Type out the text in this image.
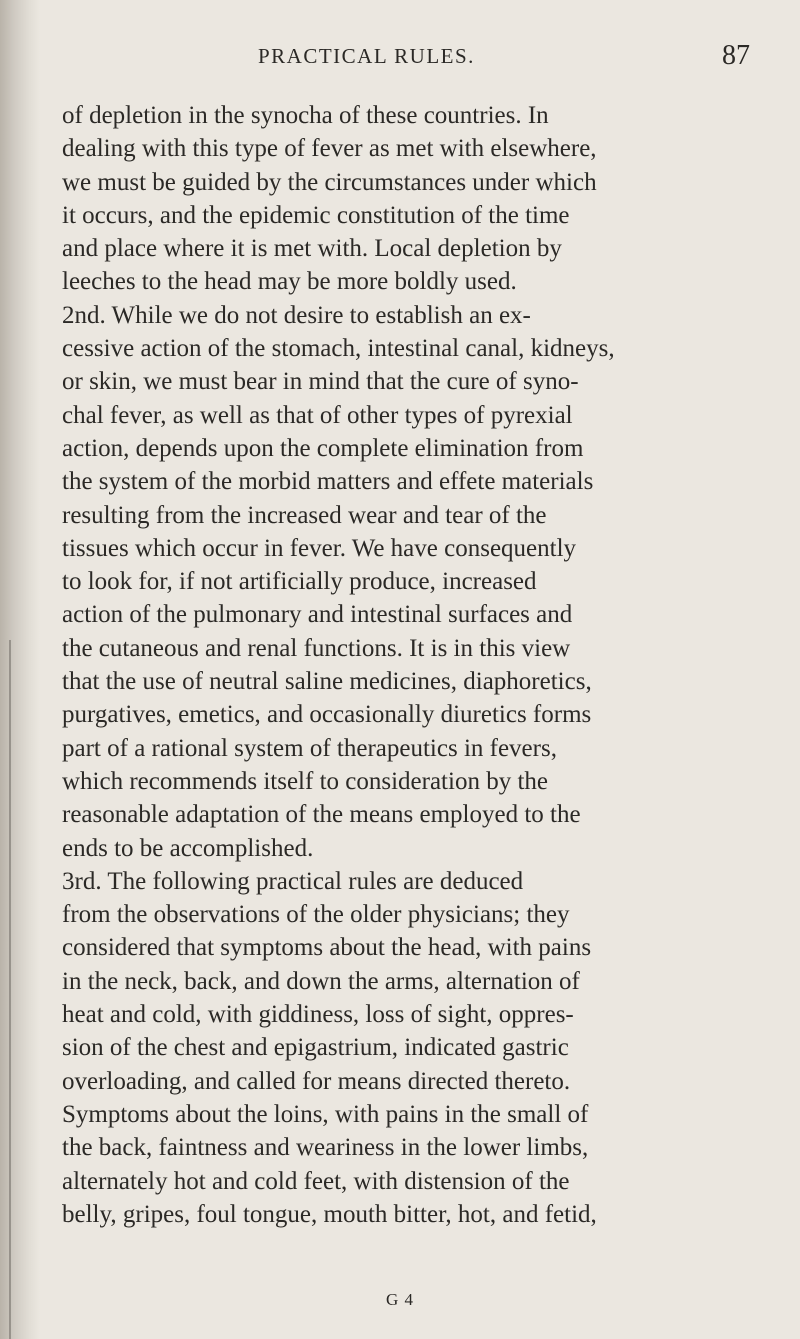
PRACTICAL RULES.	87
of depletion in the synocha of these countries. In
dealing with this type of fever as met with elsewhere,
we must be guided by the circumstances under which
it occurs, and the epidemic constitution of the time
and place where it is met with. Local depletion by
leeches to the head may be more boldly used.
2nd. While we do not desire to establish an ex-
cessive action of the stomach, intestinal canal, kidneys,
or skin, we must bear in mind that the cure of syno-
chal fever, as well as that of other types of pyrexial
action, depends upon the complete elimination from
the system of the morbid matters and effete materials
resulting from the increased wear and tear of the
tissues which occur in fever. We have consequently
to look for, if not artificially produce, increased
action of the pulmonary and intestinal surfaces and
the cutaneous and renal functions. It is in this view
that the use of neutral saline medicines, diaphoretics,
purgatives, emetics, and occasionally diuretics forms
part of a rational system of therapeutics in fevers,
which recommends itself to consideration by the
reasonable adaptation of the means employed to the
ends to be accomplished.
3rd. The following practical rules are deduced
from the observations of the older physicians; they
considered that symptoms about the head, with pains
in the neck, back, and down the arms, alternation of
heat and cold, with giddiness, loss of sight, oppres-
sion of the chest and epigastrium, indicated gastric
overloading, and called for means directed thereto.
Symptoms about the loins, with pains in the small of
the back, faintness and weariness in the lower limbs,
alternately hot and cold feet, with distension of the
belly, gripes, foul tongue, mouth bitter, hot, and fetid,
G 4
